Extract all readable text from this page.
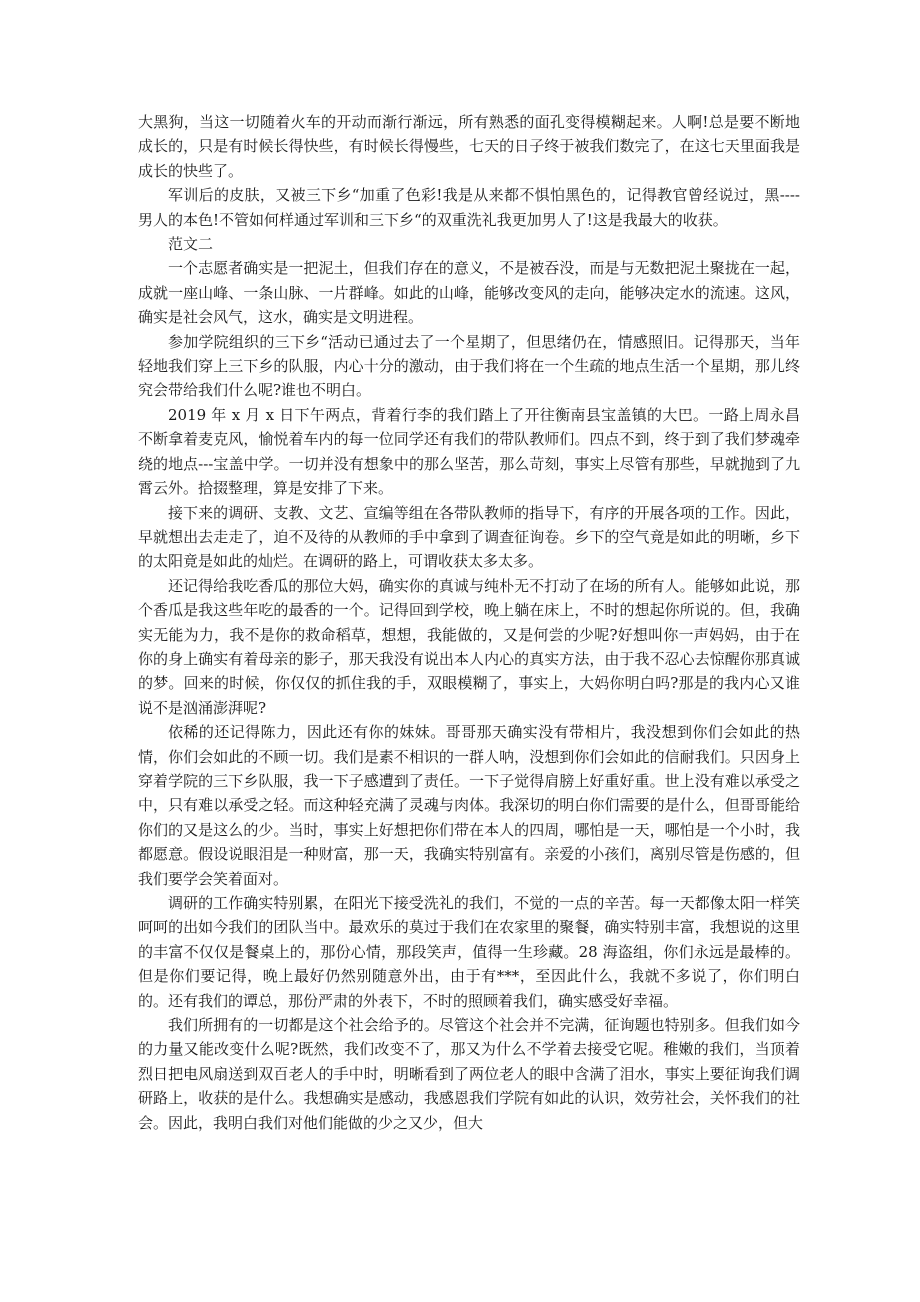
大黑狗，当这一切随着火车的开动而渐行渐远，所有熟悉的面孔变得模糊起来。人啊!总是要不断地成长的，只是有时候长得快些，有时候长得慢些，七天的日子终于被我们数完了，在这七天里面我是成长的快些了。

军训后的皮肤，又被三下乡“加重了色彩!我是从来都不惧怕黑色的，记得教官曾经说过，黑----男人的本色!不管如何样通过军训和三下乡“的双重洗礼我更加男人了!这是我最大的收获。

范文二

一个志愿者确实是一把泥土，但我们存在的意义，不是被吞没，而是与无数把泥土聚拢在一起，成就一座山峰、一条山脉、一片群峰。如此的山峰，能够改变风的走向，能够决定水的流速。这风，确实是社会风气，这水，确实是文明进程。

参加学院组织的三下乡“活动已通过去了一个星期了，但思绪仍在，情感照旧。记得那天，当年轻地我们穿上三下乡的队服，内心十分的激动，由于我们将在一个生疏的地点生活一个星期，那儿终究会带给我们什么呢?谁也不明白。

2019 年 x 月 x 日下午两点，背着行李的我们踏上了开往衡南县宝盖镇的大巴。一路上周永昌不断拿着麦克风，愉悦着车内的每一位同学还有我们的带队教师们。四点不到，终于到了我们梦魂牵绕的地点---宝盖中学。一切并没有想象中的那么坚苦，那么苛刻，事实上尽管有那些，早就抛到了九霄云外。拾掇整理，算是安排了下来。

接下来的调研、支教、文艺、宣编等组在各带队教师的指导下，有序的开展各项的工作。因此，早就想出去走走了，迫不及待的从教师的手中拿到了调查征询卷。乡下的空气竟是如此的明晰，乡下的太阳竟是如此的灿烂。在调研的路上，可谓收获太多太多。

还记得给我吃香瓜的那位大妈，确实你的真诚与纯朴无不打动了在场的所有人。能够如此说，那个香瓜是我这些年吃的最香的一个。记得回到学校，晚上躺在床上，不时的想起你所说的。但，我确实无能为力，我不是你的救命稻草，想想，我能做的，又是何尝的少呢?好想叫你一声妈妈，由于在你的身上确实有着母亲的影子，那天我没有说出本人内心的真实方法，由于我不忍心去惊醒你那真诚的梦。回来的时候，你仅仅的抓住我的手，双眼模糊了，事实上，大妈你明白吗?那是的我内心又谁说不是汹涌澎湃呢?

依稀的还记得陈力，因此还有你的妹妹。哥哥那天确实没有带相片，我没想到你们会如此的热情，你们会如此的不顾一切。我们是素不相识的一群人呐，没想到你们会如此的信耐我们。只因身上穿着学院的三下乡队服，我一下子感遭到了责任。一下子觉得肩膀上好重好重。世上没有难以承受之中，只有难以承受之轻。而这种轻充满了灵魂与肉体。我深切的明白你们需要的是什么，但哥哥能给你们的又是这么的少。当时，事实上好想把你们带在本人的四周，哪怕是一天，哪怕是一个小时，我都愿意。假设说眼泪是一种财富，那一天，我确实特别富有。亲爱的小孩们，离别尽管是伤感的，但我们要学会笑着面对。

调研的工作确实特别累，在阳光下接受洗礼的我们，不觉的一点的辛苦。每一天都像太阳一样笑呵呵的出如今我们的团队当中。最欢乐的莫过于我们在农家里的聚餐，确实特别丰富，我想说的这里的丰富不仅仅是餐桌上的，那份心情，那段笑声，值得一生珍藏。28 海盗组，你们永远是最棒的。但是你们要记得，晚上最好仍然别随意外出，由于有***，至因此什么，我就不多说了，你们明白的。还有我们的谭总，那份严肃的外表下，不时的照顾着我们，确实感受好幸福。

我们所拥有的一切都是这个社会给予的。尽管这个社会并不完满，征询题也特别多。但我们如今的力量又能改变什么呢?既然，我们改变不了，那又为什么不学着去接受它呢。稚嫩的我们，当顶着烈日把电风扇送到双百老人的手中时，明晰看到了两位老人的眼中含满了泪水，事实上要征询我们调研路上，收获的是什么。我想确实是感动，我感恩我们学院有如此的认识，效劳社会，关怀我们的社会。因此，我明白我们对他们能做的少之又少，但大
